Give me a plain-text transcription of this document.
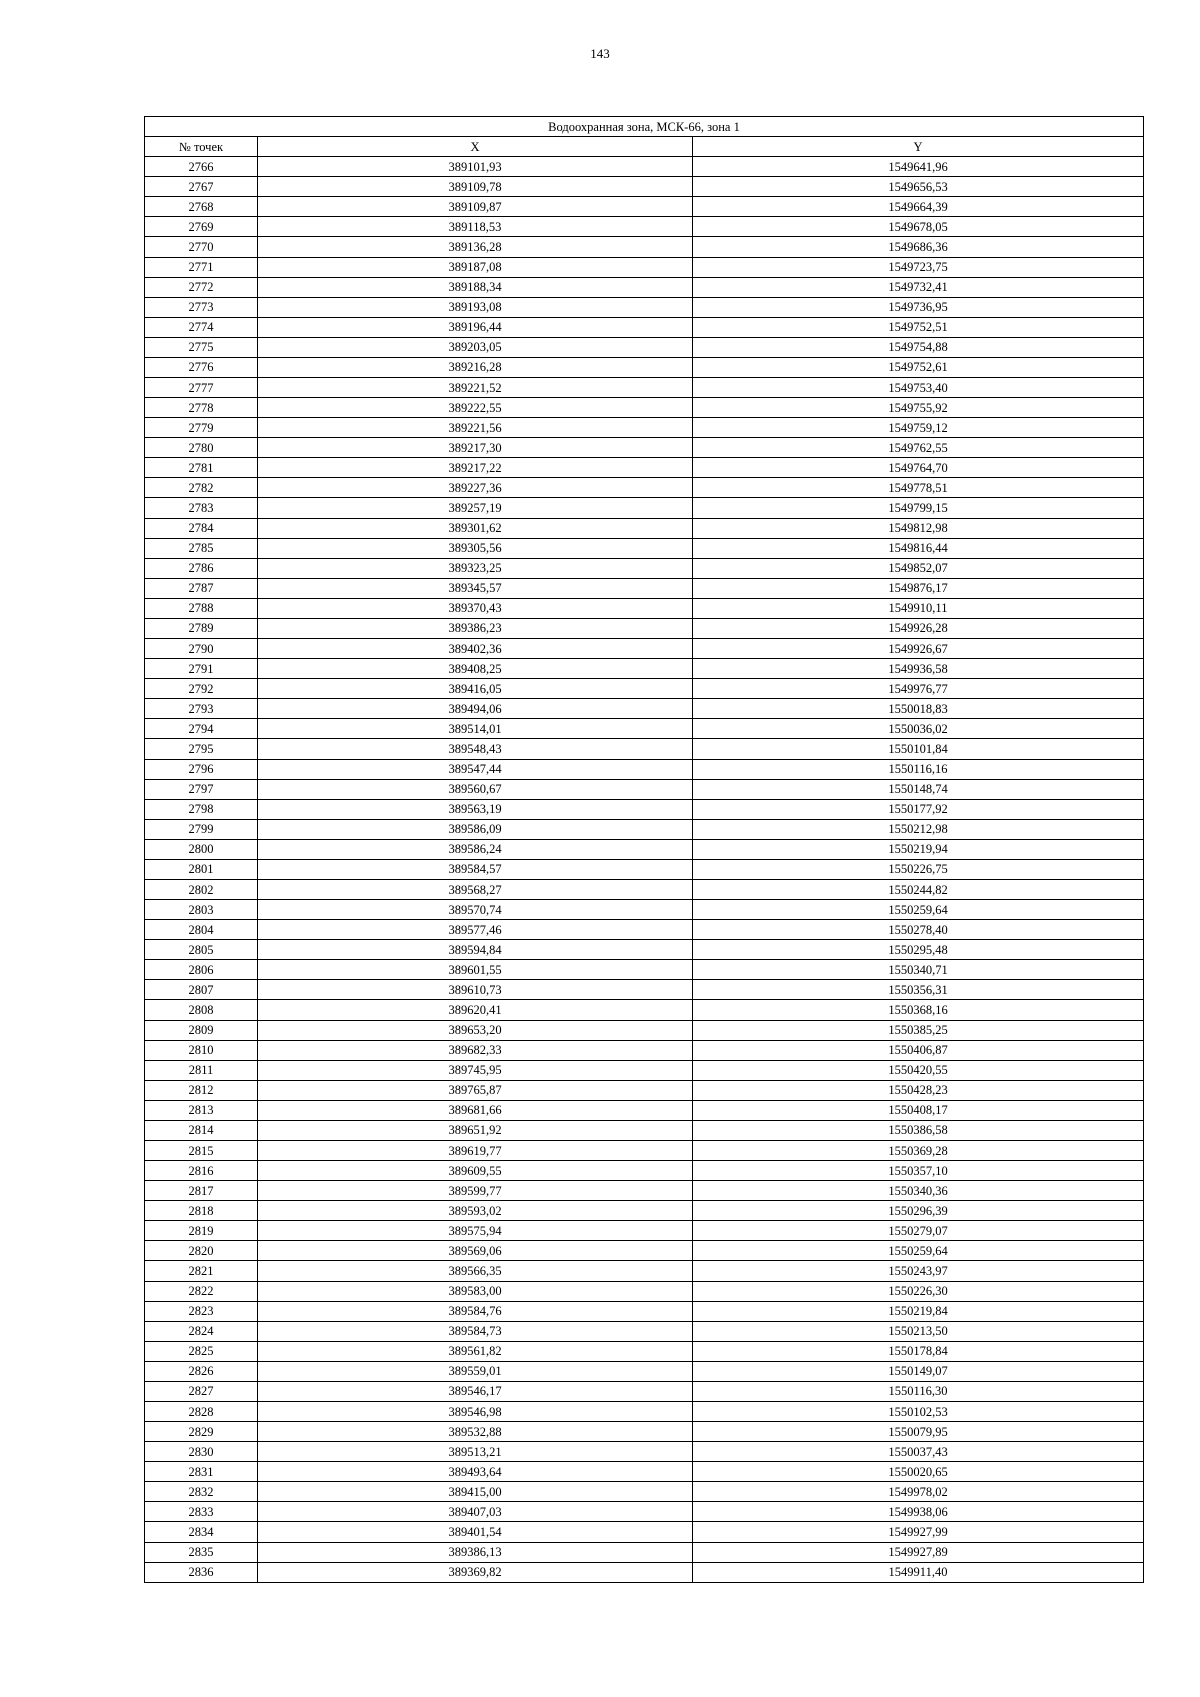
143
Водоохранная зона, МСК-66, зона 1		
№ точек	X	Y
2766	389101,93	1549641,96
2767	389109,78	1549656,53
2768	389109,87	1549664,39
2769	389118,53	1549678,05
2770	389136,28	1549686,36
2771	389187,08	1549723,75
2772	389188,34	1549732,41
2773	389193,08	1549736,95
2774	389196,44	1549752,51
2775	389203,05	1549754,88
2776	389216,28	1549752,61
2777	389221,52	1549753,40
2778	389222,55	1549755,92
2779	389221,56	1549759,12
2780	389217,30	1549762,55
2781	389217,22	1549764,70
2782	389227,36	1549778,51
2783	389257,19	1549799,15
2784	389301,62	1549812,98
2785	389305,56	1549816,44
2786	389323,25	1549852,07
2787	389345,57	1549876,17
2788	389370,43	1549910,11
2789	389386,23	1549926,28
2790	389402,36	1549926,67
2791	389408,25	1549936,58
2792	389416,05	1549976,77
2793	389494,06	1550018,83
2794	389514,01	1550036,02
2795	389548,43	1550101,84
2796	389547,44	1550116,16
2797	389560,67	1550148,74
2798	389563,19	1550177,92
2799	389586,09	1550212,98
2800	389586,24	1550219,94
2801	389584,57	1550226,75
2802	389568,27	1550244,82
2803	389570,74	1550259,64
2804	389577,46	1550278,40
2805	389594,84	1550295,48
2806	389601,55	1550340,71
2807	389610,73	1550356,31
2808	389620,41	1550368,16
2809	389653,20	1550385,25
2810	389682,33	1550406,87
2811	389745,95	1550420,55
2812	389765,87	1550428,23
2813	389681,66	1550408,17
2814	389651,92	1550386,58
2815	389619,77	1550369,28
2816	389609,55	1550357,10
2817	389599,77	1550340,36
2818	389593,02	1550296,39
2819	389575,94	1550279,07
2820	389569,06	1550259,64
2821	389566,35	1550243,97
2822	389583,00	1550226,30
2823	389584,76	1550219,84
2824	389584,73	1550213,50
2825	389561,82	1550178,84
2826	389559,01	1550149,07
2827	389546,17	1550116,30
2828	389546,98	1550102,53
2829	389532,88	1550079,95
2830	389513,21	1550037,43
2831	389493,64	1550020,65
2832	389415,00	1549978,02
2833	389407,03	1549938,06
2834	389401,54	1549927,99
2835	389386,13	1549927,89
2836	389369,82	1549911,40
